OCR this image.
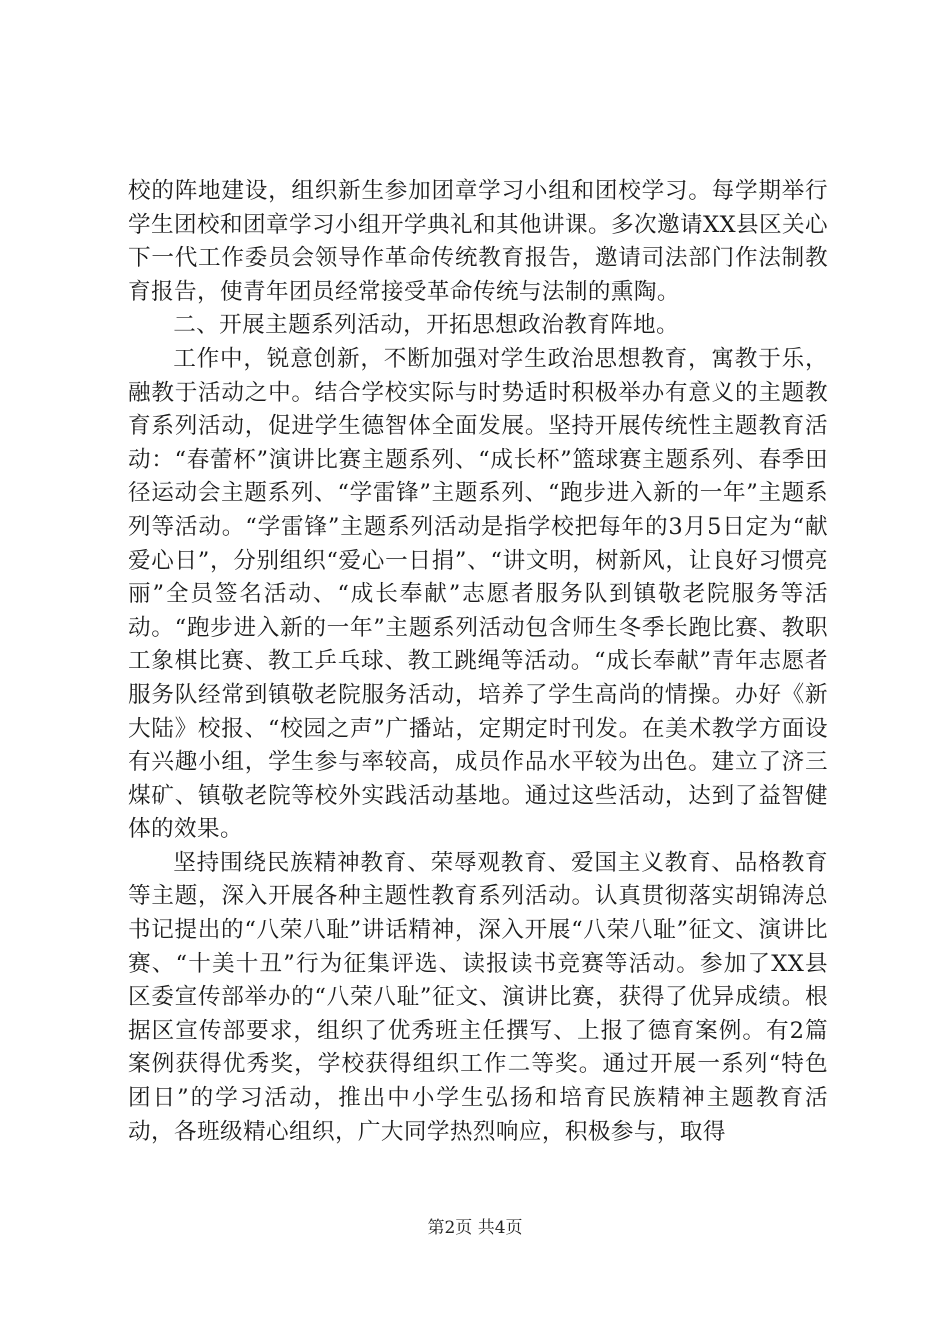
校的阵地建设，组织新生参加团章学习小组和团校学习。每学期举行学生团校和团章学习小组开学典礼和其他讲课。多次邀请XX县区关心下一代工作委员会领导作革命传统教育报告，邀请司法部门作法制教育报告，使青年团员经常接受革命传统与法制的熏陶。

二、开展主题系列活动，开拓思想政治教育阵地。

工作中，锐意创新，不断加强对学生政治思想教育，寓教于乐，融教于活动之中。结合学校实际与时势适时积极举办有意义的主题教育系列活动，促进学生德智体全面发展。坚持开展传统性主题教育活动：“春蕾杯”演讲比赛主题系列、“成长杯”篮球赛主题系列、春季田径运动会主题系列、“学雷锋”主题系列、“跑步进入新的一年”主题系列等活动。“学雷锋”主题系列活动是指学校把每年的3月5日定为“献爱心日”，分别组织“爱心一日捐”、“讲文明，树新风，让良好习惯亮丽”全员签名活动、“成长奉献”志愿者服务队到镇敬老院服务等活动。“跑步进入新的一年”主题系列活动包含师生冬季长跑比赛、教职工象棋比赛、教工乒乓球、教工跳绳等活动。“成长奉献”青年志愿者服务队经常到镇敬老院服务活动，培养了学生高尚的情操。办好《新大陆》校报、“校园之声”广播站，定期定时刊发。在美术教学方面设有兴趣小组，学生参与率较高，成员作品水平较为出色。建立了济三煤矿、镇敬老院等校外实践活动基地。通过这些活动，达到了益智健体的效果。

坚持围绕民族精神教育、荣辱观教育、爱国主义教育、品格教育等主题，深入开展各种主题性教育系列活动。认真贯彻落实胡锦涛总书记提出的“八荣八耻”讲话精神，深入开展“八荣八耻”征文、演讲比赛、“十美十丑”行为征集评选、读报读书竞赛等活动。参加了XX县区委宣传部举办的“八荣八耻”征文、演讲比赛，获得了优异成绩。根据区宣传部要求，组织了优秀班主任撰写、上报了德育案例。有2篇案例获得优秀奖，学校获得组织工作二等奖。通过开展一系列“特色团日”的学习活动，推出中小学生弘扬和培育民族精神主题教育活动，各班级精心组织，广大同学热烈响应，积极参与，取得

第2页 共4页
